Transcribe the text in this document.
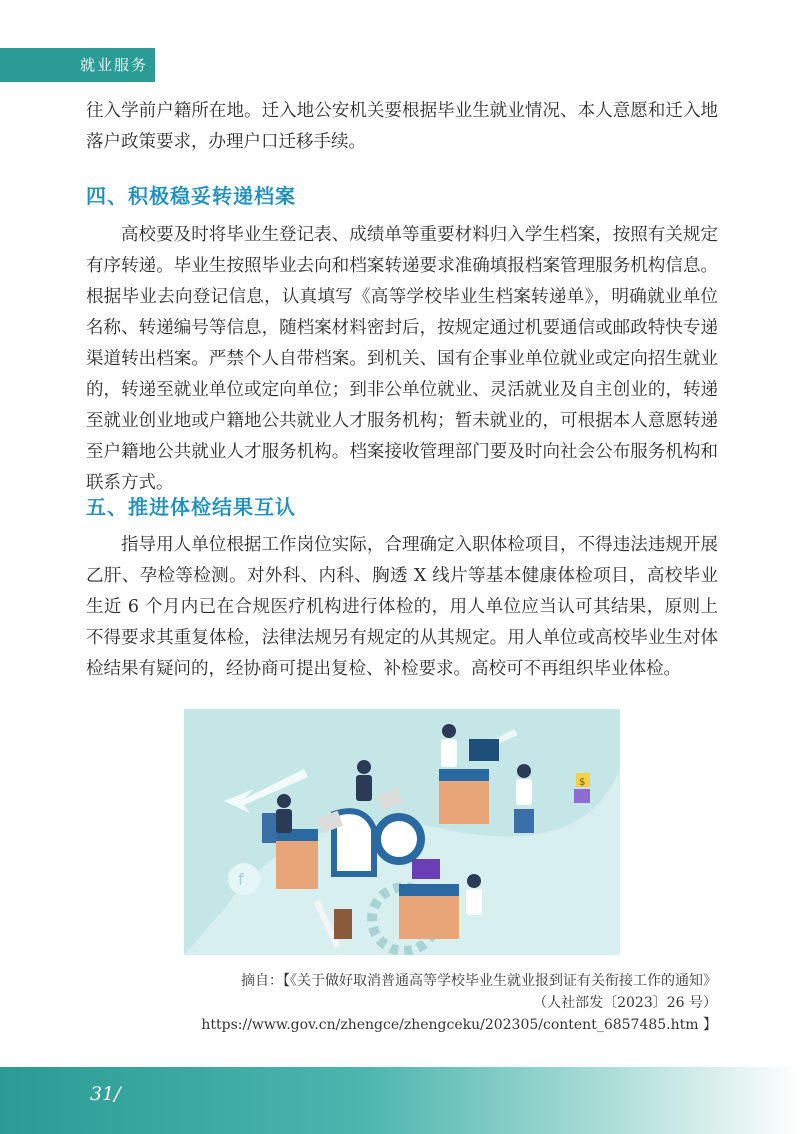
就业服务

往入学前户籍所在地。迁入地公安机关要根据毕业生就业情况、本人意愿和迁入地落户政策要求，办理户口迁移手续。

四、积极稳妥转递档案

高校要及时将毕业生登记表、成绩单等重要材料归入学生档案，按照有关规定有序转递。毕业生按照毕业去向和档案转递要求准确填报档案管理服务机构信息。根据毕业去向登记信息，认真填写《高等学校毕业生档案转递单》，明确就业单位名称、转递编号等信息，随档案材料密封后，按规定通过机要通信或邮政特快专递渠道转出档案。严禁个人自带档案。到机关、国有企事业单位就业或定向招生就业的，转递至就业单位或定向单位；到非公单位就业、灵活就业及自主创业的，转递至就业创业地或户籍地公共就业人才服务机构；暂未就业的，可根据本人意愿转递至户籍地公共就业人才服务机构。档案接收管理部门要及时向社会公布服务机构和联系方式。

五、推进体检结果互认

指导用人单位根据工作岗位实际，合理确定入职体检项目，不得违法违规开展乙肝、孕检等检测。对外科、内科、胸透 X 线片等基本健康体检项目，高校毕业生近 6 个月内已在合规医疗机构进行体检的，用人单位应当认可其结果，原则上不得要求其重复体检，法律法规另有规定的从其规定。用人单位或高校毕业生对体检结果有疑问的，经协商可提出复检、补检要求。高校可不再组织毕业体检。

f
$
摘自：【《关于做好取消普通高等学校毕业生就业报到证有关衔接工作的通知》
（人社部发〔2023〕26 号）
https://www.gov.cn/zhengce/zhengceku/202305/content_6857485.htm 】
31/
